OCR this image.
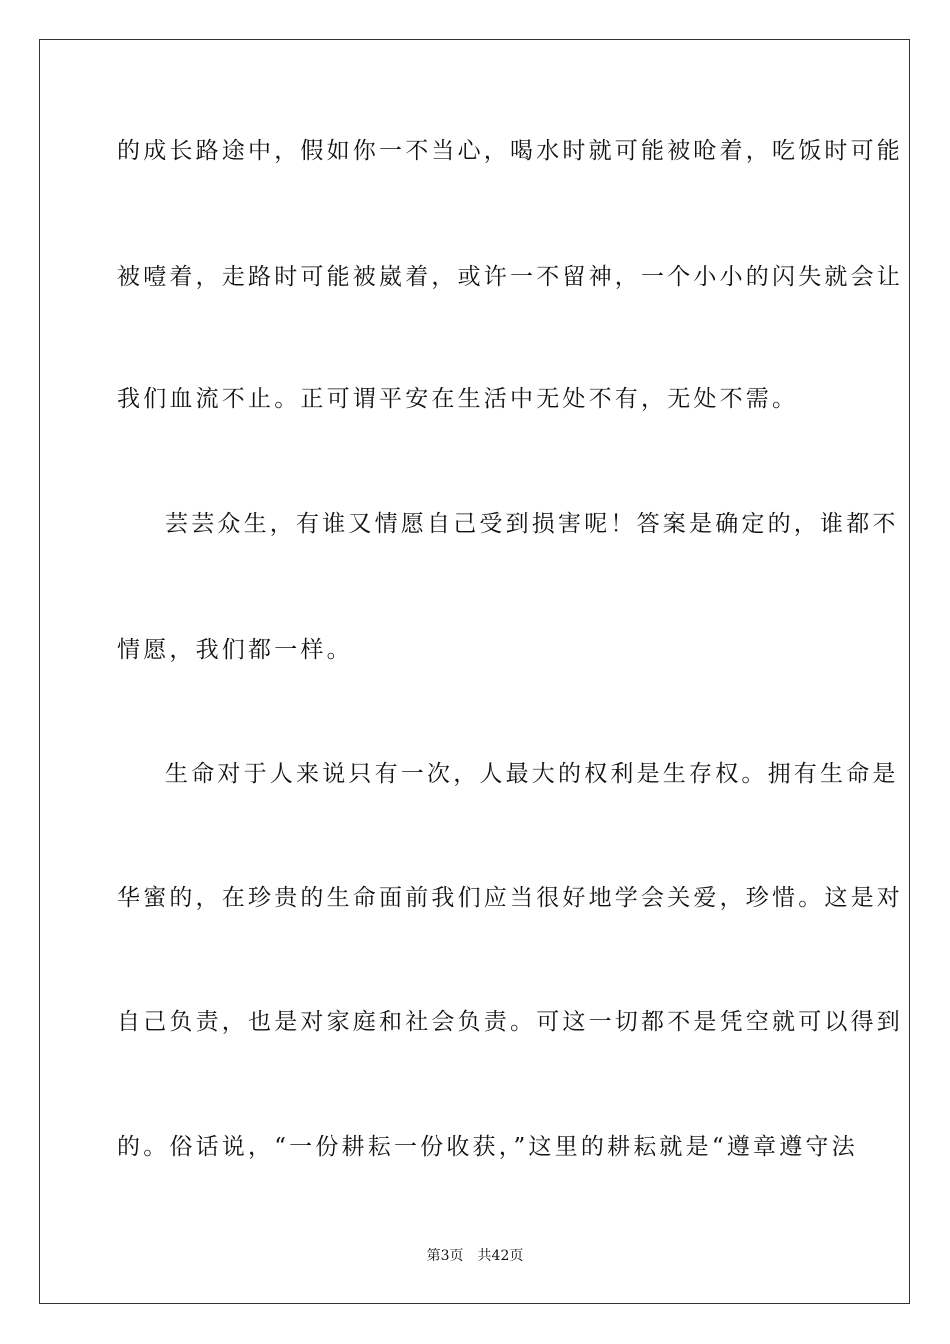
的成长路途中，假如你一不当心，喝水时就可能被呛着，吃饭时可能
被噎着，走路时可能被崴着，或许一不留神，一个小小的闪失就会让
我们血流不止。正可谓平安在生活中无处不有，无处不需。
芸芸众生，有谁又情愿自己受到损害呢！答案是确定的，谁都不
情愿，我们都一样。
生命对于人来说只有一次，人最大的权利是生存权。拥有生命是
华蜜的，在珍贵的生命面前我们应当很好地学会关爱，珍惜。这是对
自己负责，也是对家庭和社会负责。可这一切都不是凭空就可以得到
的。俗话说，“一份耕耘一份收获，”这里的耕耘就是“遵章遵守法
第3页　共42页
